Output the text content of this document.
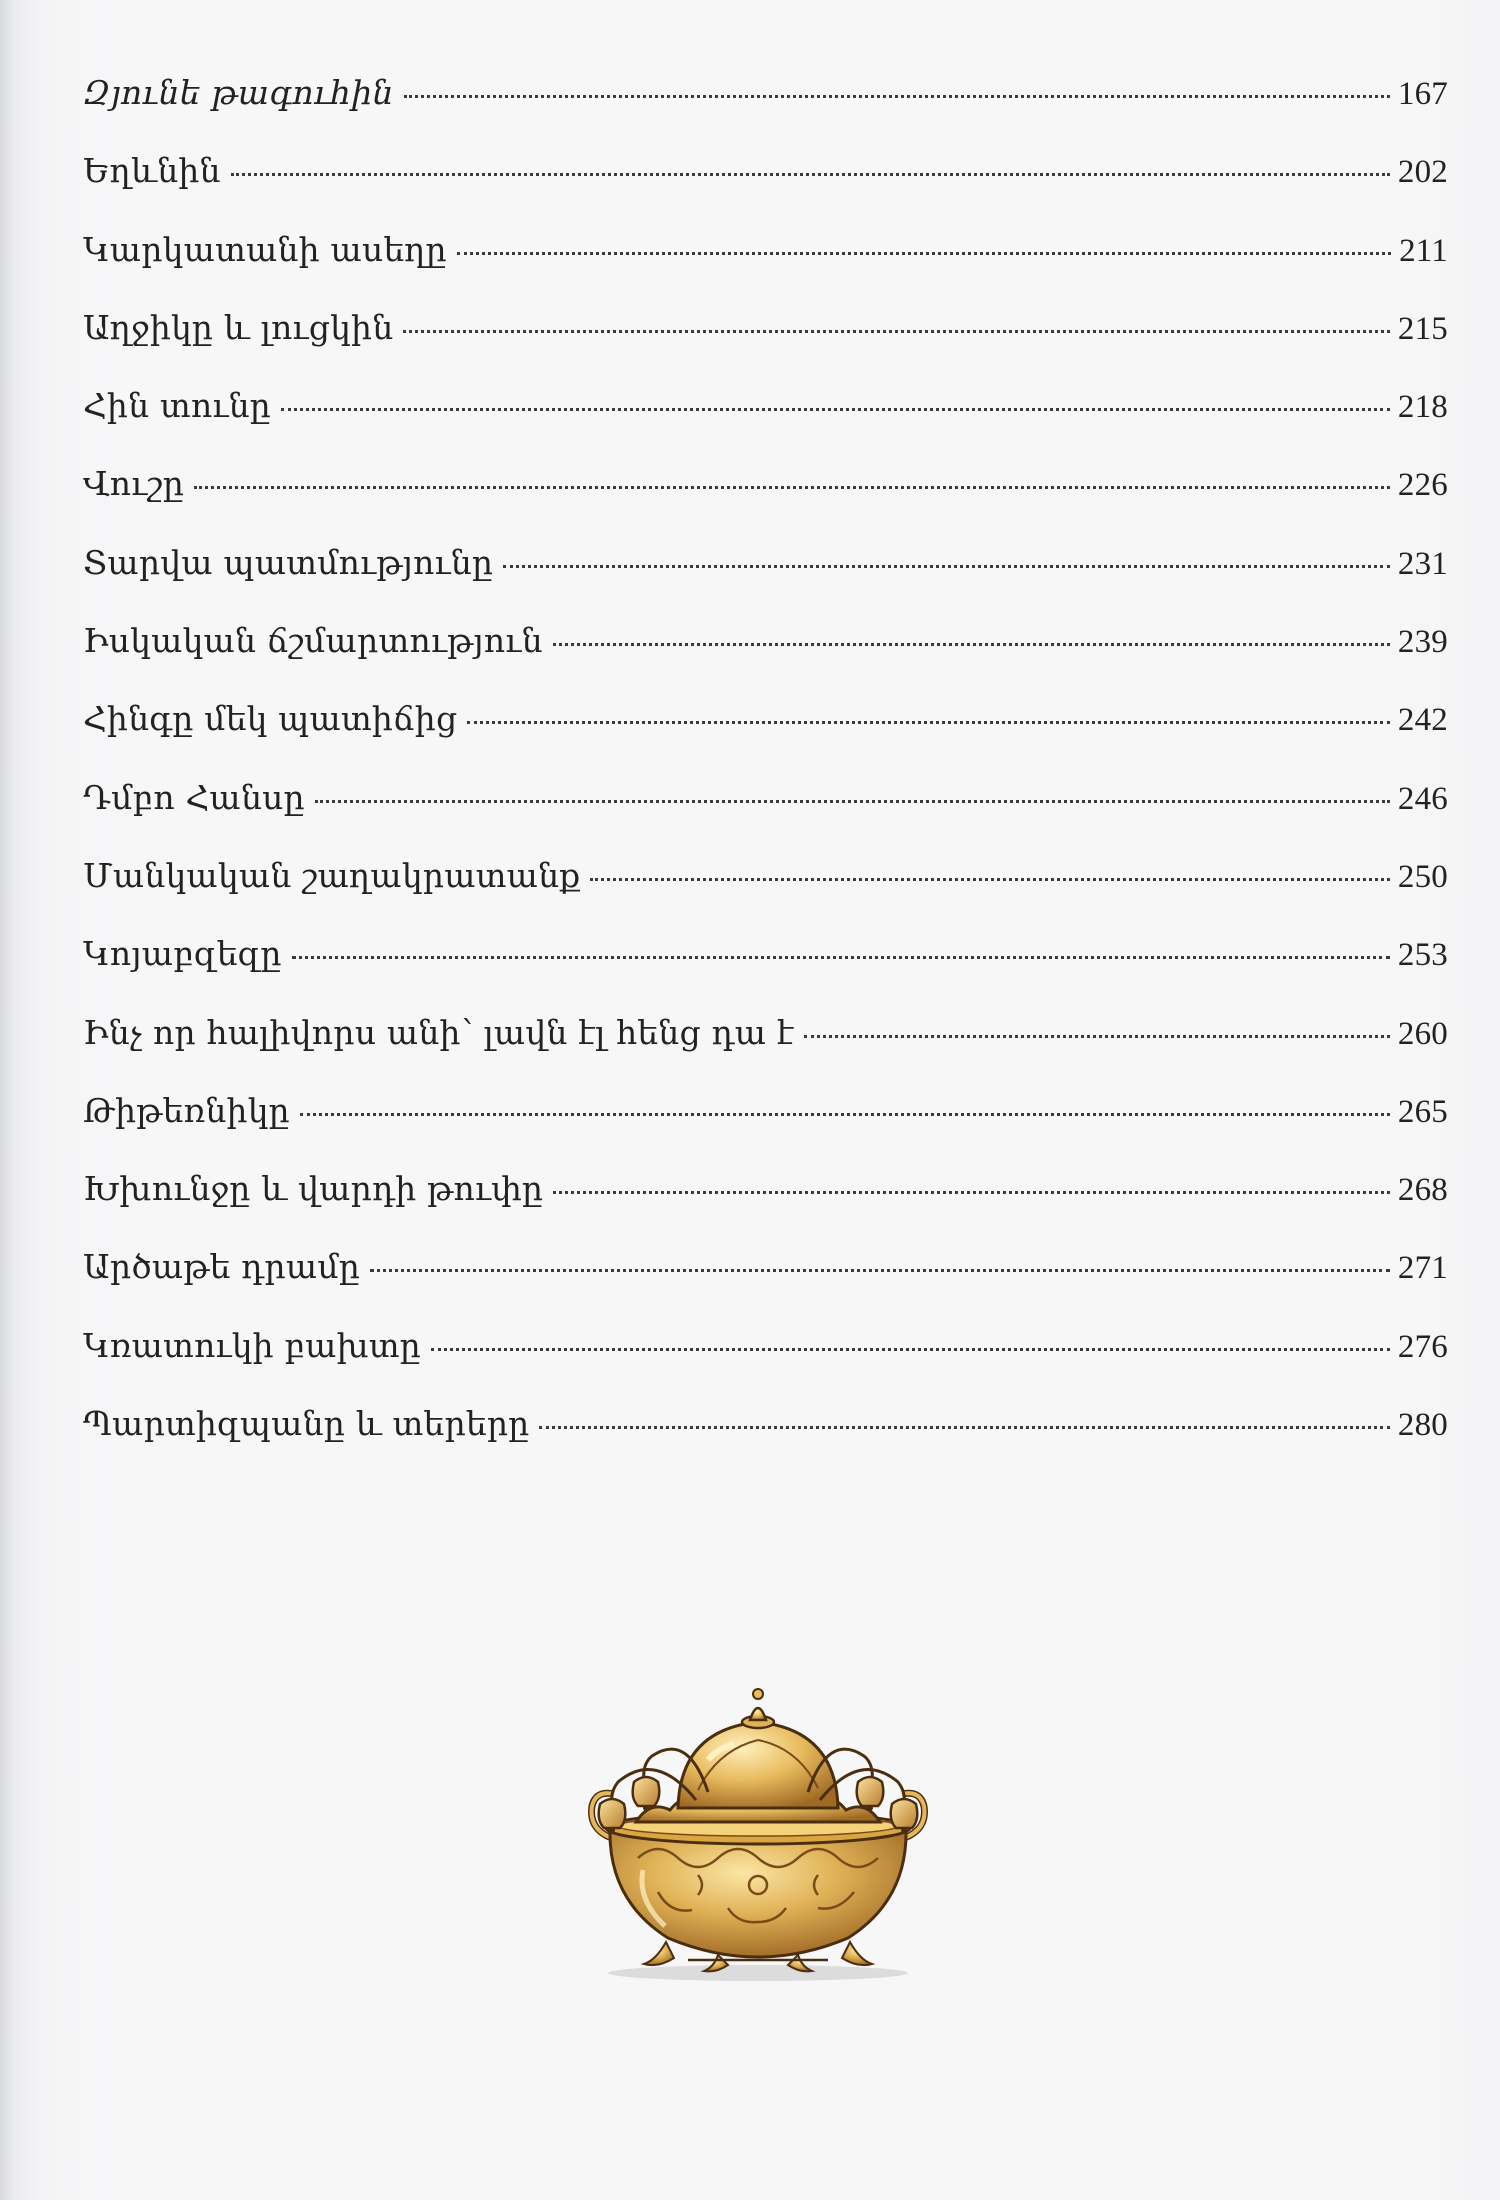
Զյունե թագուհին	167
Եղևնին	202
Կարկատանի ասեղը	211
Աղջիկը և լուցկին	215
Հին տունը	218
Վուշը	226
Տարվա պատմությունը	231
Իսկական ճշմարտություն	239
Հինգը մեկ պատիճից	242
Դմբո Հանսը	246
Մանկական շաղակրատանք	250
Կոյաբզեզը	253
Ինչ որ հալիվորս անի՝ լավն էլ հենց դա է	260
Թիթեռնիկը	265
Խխունջը և վարդի թուփը	268
Արծաթե դրամը	271
Կռատուկի բախտը	276
Պարտիզպանը և տերերը	280
